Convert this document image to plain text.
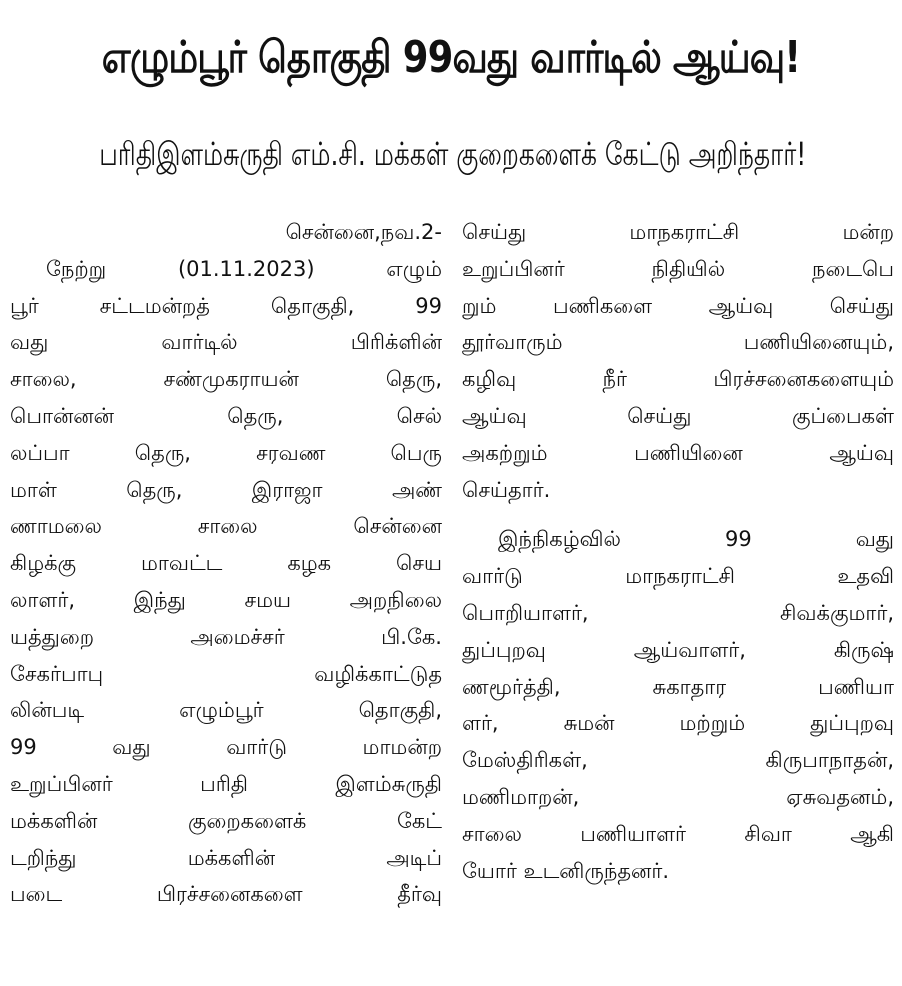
எழும்பூர் தொகுதி 99வது வார்டில் ஆய்வு!
பரிதிஇளம்சுருதி எம்.சி. மக்கள் குறைகளைக் கேட்டு அறிந்தார்!
சென்னை,நவ.2-
நேற்று (01.11.2023) எழும்
பூர் சட்டமன்றத் தொகுதி, 99
வது வார்டில் பிரிக்ளின்
சாலை, சண்முகராயன் தெரு,
பொன்னன் தெரு, செல்
லப்பா தெரு, சரவண பெரு
மாள் தெரு, இராஜா அண்
ணாமலை சாலை சென்னை
கிழக்கு மாவட்ட கழக செய
லாளர், இந்து சமய அறநிலை
யத்துறை அமைச்சர் பி.கே.
சேகர்பாபு வழிக்காட்டுத
லின்படி எழும்பூர் தொகுதி,
99 வது வார்டு மாமன்ற
உறுப்பினர் பரிதி இளம்சுருதி
மக்களின் குறைகளைக் கேட்
டறிந்து மக்களின் அடிப்
படை பிரச்சனைகளை தீர்வு
செய்து மாநகராட்சி மன்ற
உறுப்பினர் நிதியில் நடைபெ
றும் பணிகளை ஆய்வு செய்து
தூர்வாரும் பணியினையும்,
கழிவு நீர் பிரச்சனைகளையும்
ஆய்வு செய்து குப்பைகள்
அகற்றும் பணியினை ஆய்வு
செய்தார்.
இந்நிகழ்வில் 99 வது
வார்டு மாநகராட்சி உதவி
பொறியாளர், சிவக்குமார்,
துப்புறவு ஆய்வாளர், கிருஷ்
ணமூர்த்தி, சுகாதார பணியா
ளர், சுமன் மற்றும் துப்புறவு
மேஸ்திரிகள், கிருபாநாதன்,
மணிமாறன், ஏசுவதனம்,
சாலை பணியாளர் சிவா ஆகி
யோர் உடனிருந்தனர்.
